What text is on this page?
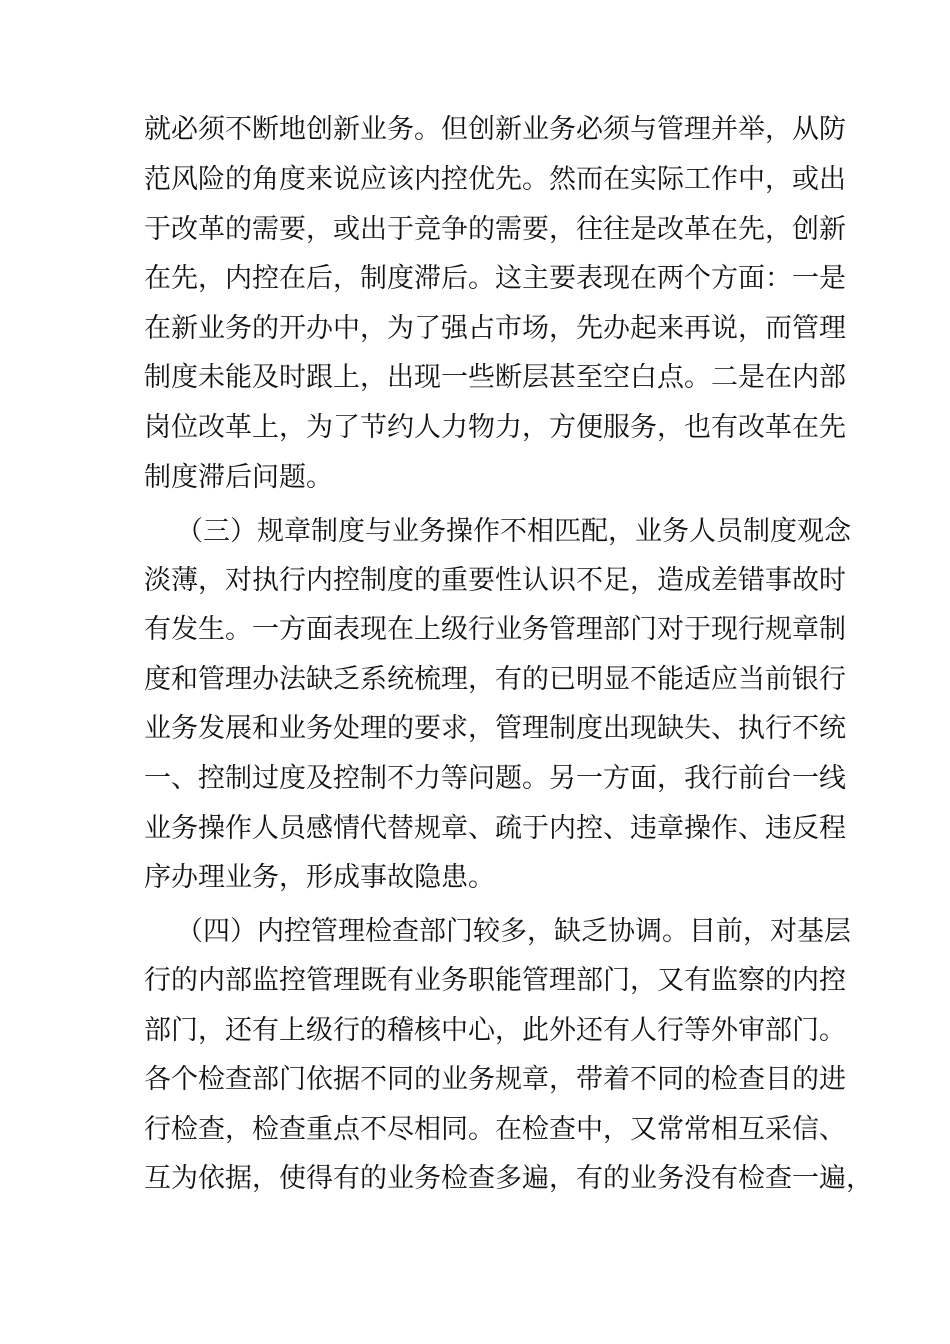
就必须不断地创新业务。但创新业务必须与管理并举，从防
范风险的角度来说应该内控优先。然而在实际工作中，或出
于改革的需要，或出于竞争的需要，往往是改革在先，创新
在先，内控在后，制度滞后。这主要表现在两个方面：一是
在新业务的开办中，为了强占市场，先办起来再说，而管理
制度未能及时跟上，出现一些断层甚至空白点。二是在内部
岗位改革上，为了节约人力物力，方便服务，也有改革在先
制度滞后问题。
（三）规章制度与业务操作不相匹配，业务人员制度观念
淡薄，对执行内控制度的重要性认识不足，造成差错事故时
有发生。一方面表现在上级行业务管理部门对于现行规章制
度和管理办法缺乏系统梳理，有的已明显不能适应当前银行
业务发展和业务处理的要求，管理制度出现缺失、执行不统
一、控制过度及控制不力等问题。另一方面，我行前台一线
业务操作人员感情代替规章、疏于内控、违章操作、违反程
序办理业务，形成事故隐患。
（四）内控管理检查部门较多，缺乏协调。目前，对基层
行的内部监控管理既有业务职能管理部门，又有监察的内控
部门，还有上级行的稽核中心，此外还有人行等外审部门。
各个检查部门依据不同的业务规章，带着不同的检查目的进
行检查，检查重点不尽相同。在检查中，又常常相互采信、
互为依据，使得有的业务检查多遍，有的业务没有检查一遍，
